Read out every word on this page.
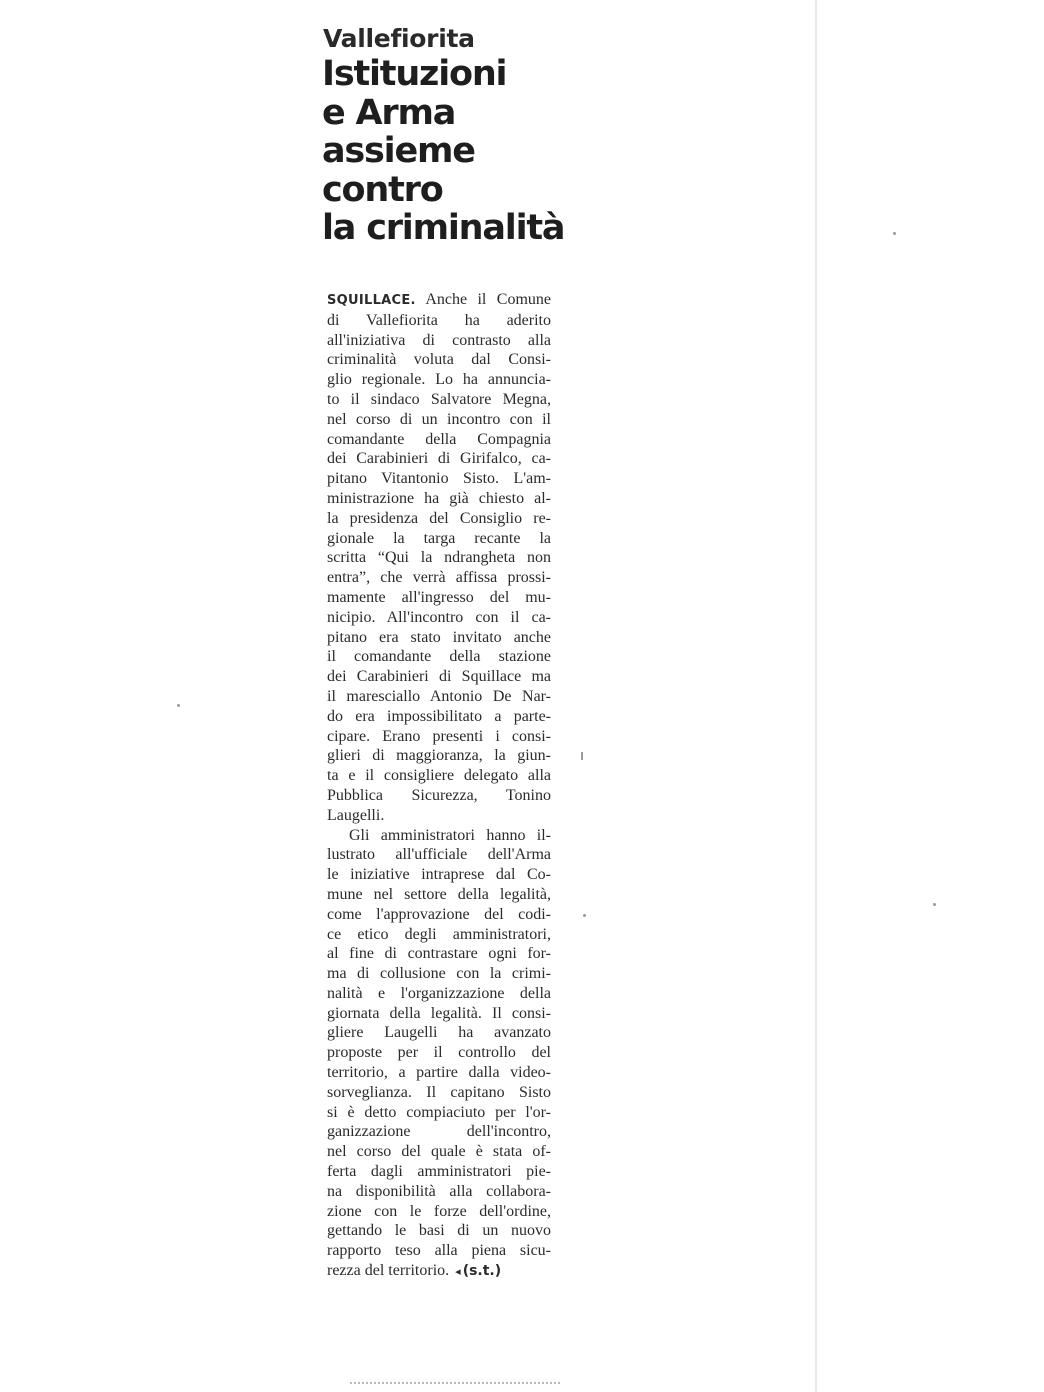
Vallefiorita
Istituzioni
e Arma
assieme
contro
la criminalità
SQUILLACE. Anche il Comune
di Vallefiorita ha aderito
all'iniziativa di contrasto alla
criminalità voluta dal Consi-
glio regionale. Lo ha annuncia-
to il sindaco Salvatore Megna,
nel corso di un incontro con il
comandante della Compagnia
dei Carabinieri di Girifalco, ca-
pitano Vitantonio Sisto. L'am-
ministrazione ha già chiesto al-
la presidenza del Consiglio re-
gionale la targa recante la
scritta “Qui la ndrangheta non
entra”, che verrà affissa prossi-
mamente all'ingresso del mu-
nicipio. All'incontro con il ca-
pitano era stato invitato anche
il comandante della stazione
dei Carabinieri di Squillace ma
il maresciallo Antonio De Nar-
do era impossibilitato a parte-
cipare. Erano presenti i consi-
glieri di maggioranza, la giun-
ta e il consigliere delegato alla
Pubblica Sicurezza, Tonino
Laugelli.
Gli amministratori hanno il-
lustrato all'ufficiale dell'Arma
le iniziative intraprese dal Co-
mune nel settore della legalità,
come l'approvazione del codi-
ce etico degli amministratori,
al fine di contrastare ogni for-
ma di collusione con la crimi-
nalità e l'organizzazione della
giornata della legalità. Il consi-
gliere Laugelli ha avanzato
proposte per il controllo del
territorio, a partire dalla video-
sorveglianza. Il capitano Sisto
si è detto compiaciuto per l'or-
ganizzazione dell'incontro,
nel corso del quale è stata of-
ferta dagli amministratori pie-
na disponibilità alla collabora-
zione con le forze dell'ordine,
gettando le basi di un nuovo
rapporto teso alla piena sicu-
rezza del territorio. ◂ (s.t.)
